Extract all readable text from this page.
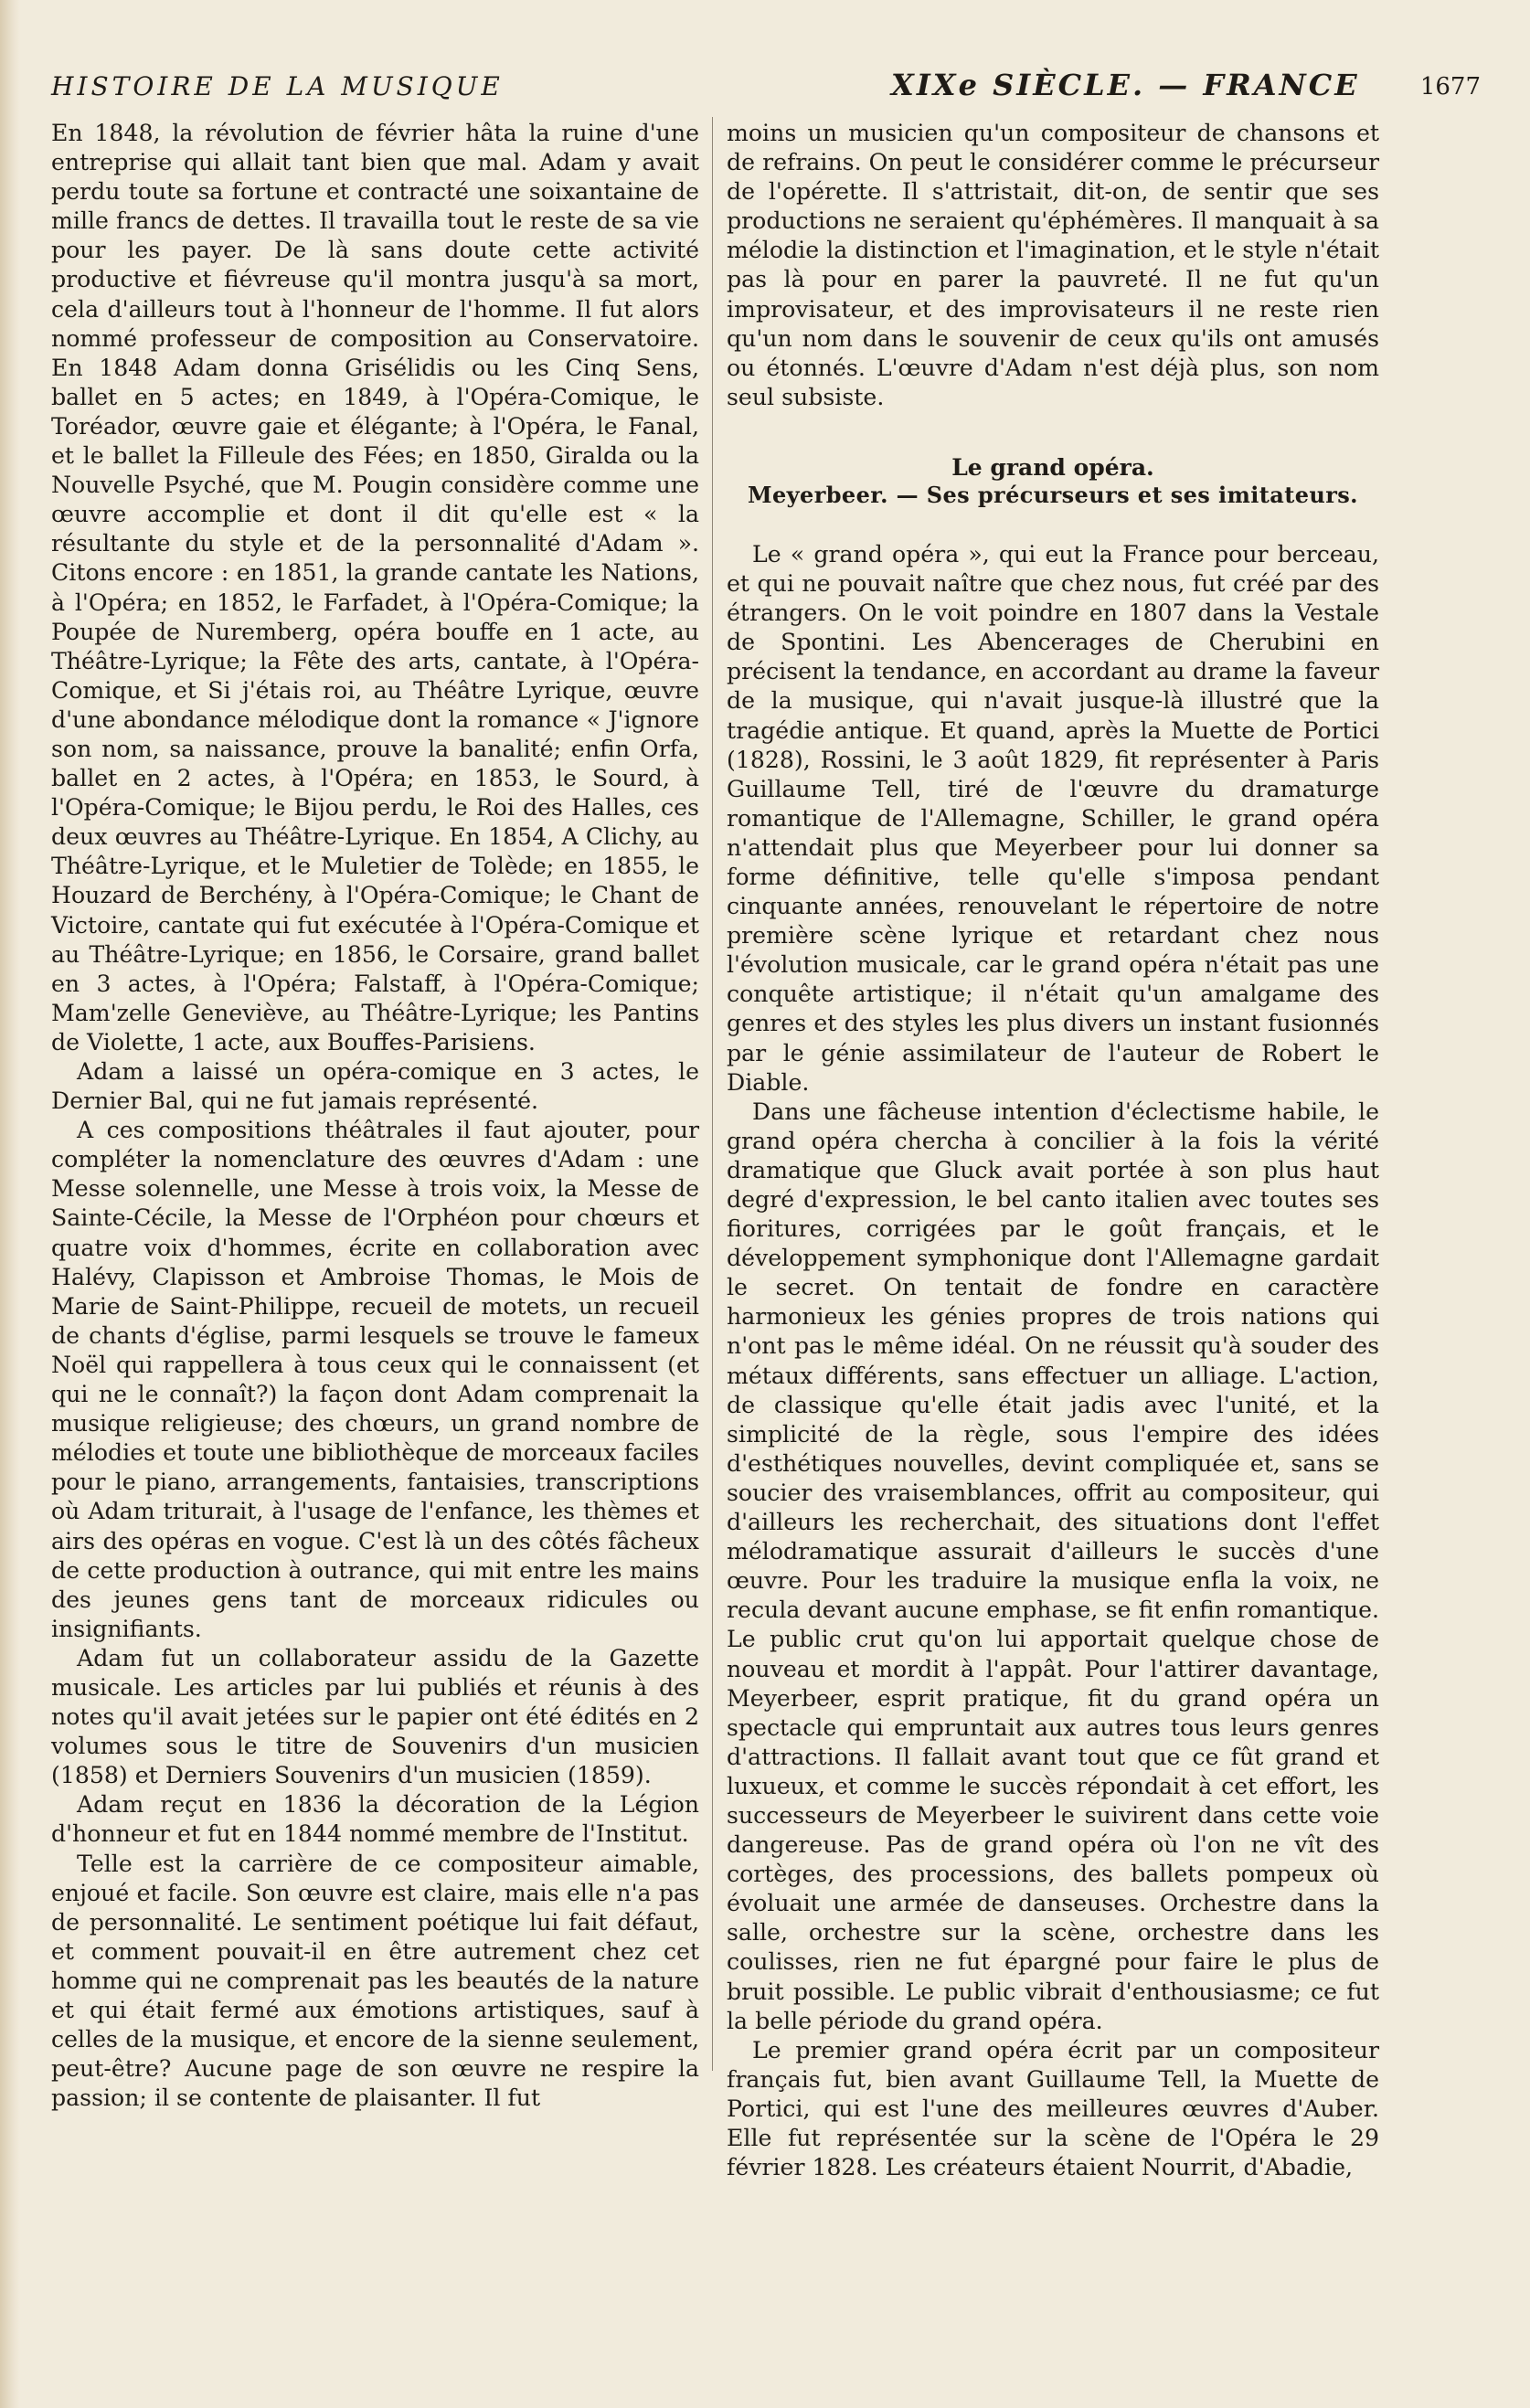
HISTOIRE DE LA MUSIQUE	XIXe SIÈCLE. — FRANCE	1677

En 1848, la révolution de février hâta la ruine d'une entreprise qui allait tant bien que mal. Adam y avait perdu toute sa fortune et contracté une soixantaine de mille francs de dettes. Il travailla tout le reste de sa vie pour les payer. De là sans doute cette activité productive et fiévreuse qu'il montra jusqu'à sa mort, cela d'ailleurs tout à l'honneur de l'homme. Il fut alors nommé professeur de composition au Conservatoire. En 1848 Adam donna Grisélidis ou les Cinq Sens, ballet en 5 actes; en 1849, à l'Opéra-Comique, le Toréador, œuvre gaie et élégante; à l'Opéra, le Fanal, et le ballet la Filleule des Fées; en 1850, Giralda ou la Nouvelle Psyché, que M. Pougin considère comme une œuvre accomplie et dont il dit qu'elle est « la résultante du style et de la personnalité d'Adam ». Citons encore : en 1851, la grande cantate les Nations, à l'Opéra; en 1852, le Farfadet, à l'Opéra-Comique; la Poupée de Nuremberg, opéra bouffe en 1 acte, au Théâtre-Lyrique; la Fête des arts, cantate, à l'Opéra-Comique, et Si j'étais roi, au Théâtre Lyrique, œuvre d'une abondance mélodique dont la romance « J'ignore son nom, sa naissance, prouve la banalité; enfin Orfa, ballet en 2 actes, à l'Opéra; en 1853, le Sourd, à l'Opéra-Comique; le Bijou perdu, le Roi des Halles, ces deux œuvres au Théâtre-Lyrique. En 1854, A Clichy, au Théâtre-Lyrique, et le Muletier de Tolède; en 1855, le Houzard de Berchény, à l'Opéra-Comique; le Chant de Victoire, cantate qui fut exécutée à l'Opéra-Comique et au Théâtre-Lyrique; en 1856, le Corsaire, grand ballet en 3 actes, à l'Opéra; Falstaff, à l'Opéra-Comique; Mam'zelle Geneviève, au Théâtre-Lyrique; les Pantins de Violette, 1 acte, aux Bouffes-Parisiens.

Adam a laissé un opéra-comique en 3 actes, le Dernier Bal, qui ne fut jamais représenté.

A ces compositions théâtrales il faut ajouter, pour compléter la nomenclature des œuvres d'Adam : une Messe solennelle, une Messe à trois voix, la Messe de Sainte-Cécile, la Messe de l'Orphéon pour chœurs et quatre voix d'hommes, écrite en collaboration avec Halévy, Clapisson et Ambroise Thomas, le Mois de Marie de Saint-Philippe, recueil de motets, un recueil de chants d'église, parmi lesquels se trouve le fameux Noël qui rappellera à tous ceux qui le connaissent (et qui ne le connaît?) la façon dont Adam comprenait la musique religieuse; des chœurs, un grand nombre de mélodies et toute une bibliothèque de morceaux faciles pour le piano, arrangements, fantaisies, transcriptions où Adam triturait, à l'usage de l'enfance, les thèmes et airs des opéras en vogue. C'est là un des côtés fâcheux de cette production à outrance, qui mit entre les mains des jeunes gens tant de morceaux ridicules ou insignifiants.

Adam fut un collaborateur assidu de la Gazette musicale. Les articles par lui publiés et réunis à des notes qu'il avait jetées sur le papier ont été édités en 2 volumes sous le titre de Souvenirs d'un musicien (1858) et Derniers Souvenirs d'un musicien (1859).

Adam reçut en 1836 la décoration de la Légion d'honneur et fut en 1844 nommé membre de l'Institut.

Telle est la carrière de ce compositeur aimable, enjoué et facile. Son œuvre est claire, mais elle n'a pas de personnalité. Le sentiment poétique lui fait défaut, et comment pouvait-il en être autrement chez cet homme qui ne comprenait pas les beautés de la nature et qui était fermé aux émotions artistiques, sauf à celles de la musique, et encore de la sienne seulement, peut-être? Aucune page de son œuvre ne respire la passion; il se contente de plaisanter. Il fut

moins un musicien qu'un compositeur de chansons et de refrains. On peut le considérer comme le précurseur de l'opérette. Il s'attristait, dit-on, de sentir que ses productions ne seraient qu'éphémères. Il manquait à sa mélodie la distinction et l'imagination, et le style n'était pas là pour en parer la pauvreté. Il ne fut qu'un improvisateur, et des improvisateurs il ne reste rien qu'un nom dans le souvenir de ceux qu'ils ont amusés ou étonnés. L'œuvre d'Adam n'est déjà plus, son nom seul subsiste.

Le grand opéra.
Meyerbeer. — Ses précurseurs et ses imitateurs.

Le « grand opéra », qui eut la France pour berceau, et qui ne pouvait naître que chez nous, fut créé par des étrangers. On le voit poindre en 1807 dans la Vestale de Spontini. Les Abencerages de Cherubini en précisent la tendance, en accordant au drame la faveur de la musique, qui n'avait jusque-là illustré que la tragédie antique. Et quand, après la Muette de Portici (1828), Rossini, le 3 août 1829, fit représenter à Paris Guillaume Tell, tiré de l'œuvre du dramaturge romantique de l'Allemagne, Schiller, le grand opéra n'attendait plus que Meyerbeer pour lui donner sa forme définitive, telle qu'elle s'imposa pendant cinquante années, renouvelant le répertoire de notre première scène lyrique et retardant chez nous l'évolution musicale, car le grand opéra n'était pas une conquête artistique; il n'était qu'un amalgame des genres et des styles les plus divers un instant fusionnés par le génie assimilateur de l'auteur de Robert le Diable.

Dans une fâcheuse intention d'éclectisme habile, le grand opéra chercha à concilier à la fois la vérité dramatique que Gluck avait portée à son plus haut degré d'expression, le bel canto italien avec toutes ses fioritures, corrigées par le goût français, et le développement symphonique dont l'Allemagne gardait le secret. On tentait de fondre en caractère harmonieux les génies propres de trois nations qui n'ont pas le même idéal. On ne réussit qu'à souder des métaux différents, sans effectuer un alliage. L'action, de classique qu'elle était jadis avec l'unité, et la simplicité de la règle, sous l'empire des idées d'esthétiques nouvelles, devint compliquée et, sans se soucier des vraisemblances, offrit au compositeur, qui d'ailleurs les recherchait, des situations dont l'effet mélodramatique assurait d'ailleurs le succès d'une œuvre. Pour les traduire la musique enfla la voix, ne recula devant aucune emphase, se fit enfin romantique. Le public crut qu'on lui apportait quelque chose de nouveau et mordit à l'appât. Pour l'attirer davantage, Meyerbeer, esprit pratique, fit du grand opéra un spectacle qui empruntait aux autres tous leurs genres d'attractions. Il fallait avant tout que ce fût grand et luxueux, et comme le succès répondait à cet effort, les successeurs de Meyerbeer le suivirent dans cette voie dangereuse. Pas de grand opéra où l'on ne vît des cortèges, des processions, des ballets pompeux où évoluait une armée de danseuses. Orchestre dans la salle, orchestre sur la scène, orchestre dans les coulisses, rien ne fut épargné pour faire le plus de bruit possible. Le public vibrait d'enthousiasme; ce fut la belle période du grand opéra.

Le premier grand opéra écrit par un compositeur français fut, bien avant Guillaume Tell, la Muette de Portici, qui est l'une des meilleures œuvres d'Auber. Elle fut représentée sur la scène de l'Opéra le 29 février 1828. Les créateurs étaient Nourrit, d'Abadie,
